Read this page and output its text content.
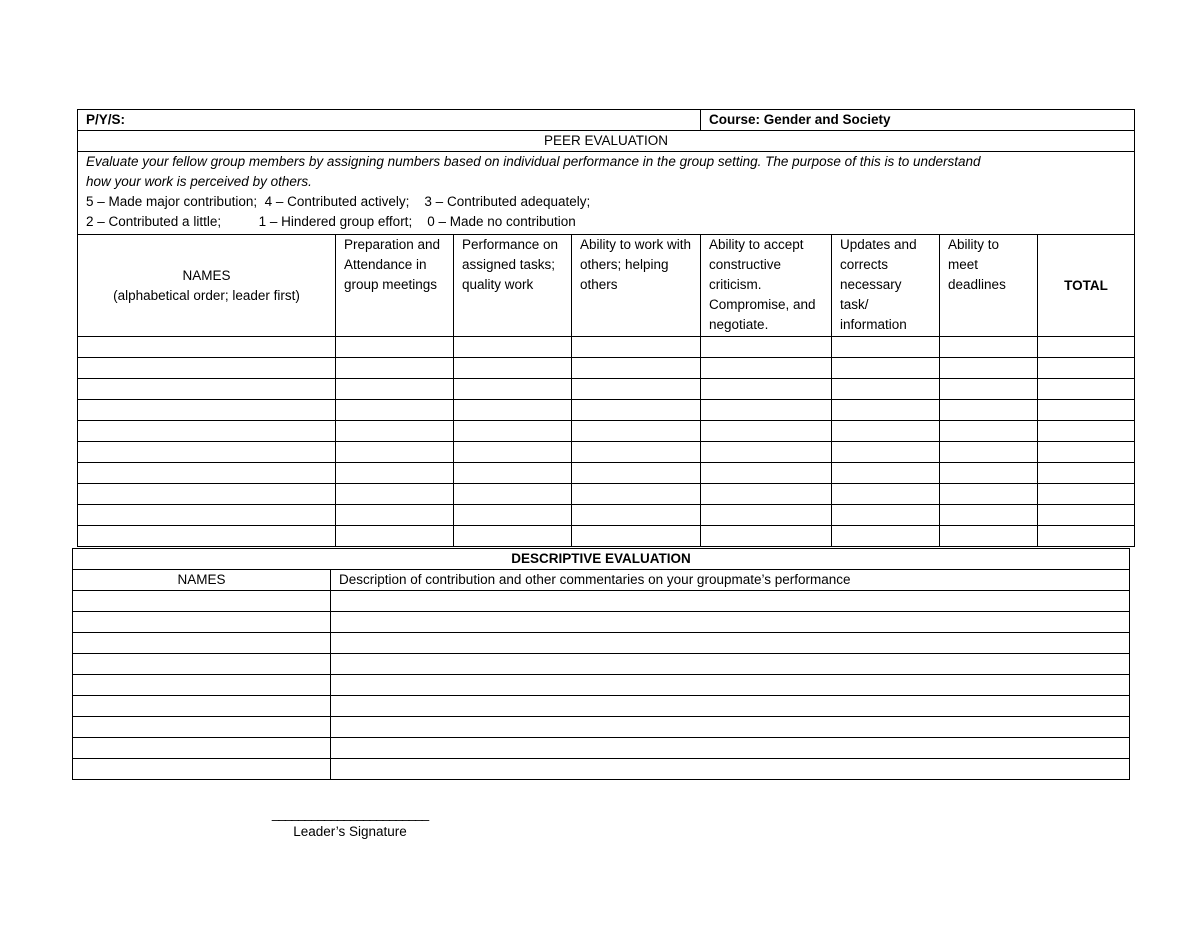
P/Y/S:				Course: Gender and Society			
PEER EVALUATION							

Evaluate your fellow group members by assigning numbers based on individual performance in the group setting. The purpose of this is to understand
how your work is perceived by others.
5 – Made major contribution;  4 – Contributed actively;    3 – Contributed adequately;
2 – Contributed a little;          1 – Hindered group effort;    0 – Made no contribution							

NAMES
(alphabetical order; leader first)	Preparation and Attendance in group meetings	Performance on assigned tasks; quality work	Ability to work with others; helping others	Ability to accept constructive criticism. Compromise, and negotiate.	Updates and corrects necessary task/ information	Ability to meet deadlines	TOTAL

DESCRIPTIVE EVALUATION	
NAMES	Description of contribution and other commentaries on your groupmate’s performance

________________________
Leader’s Signature
